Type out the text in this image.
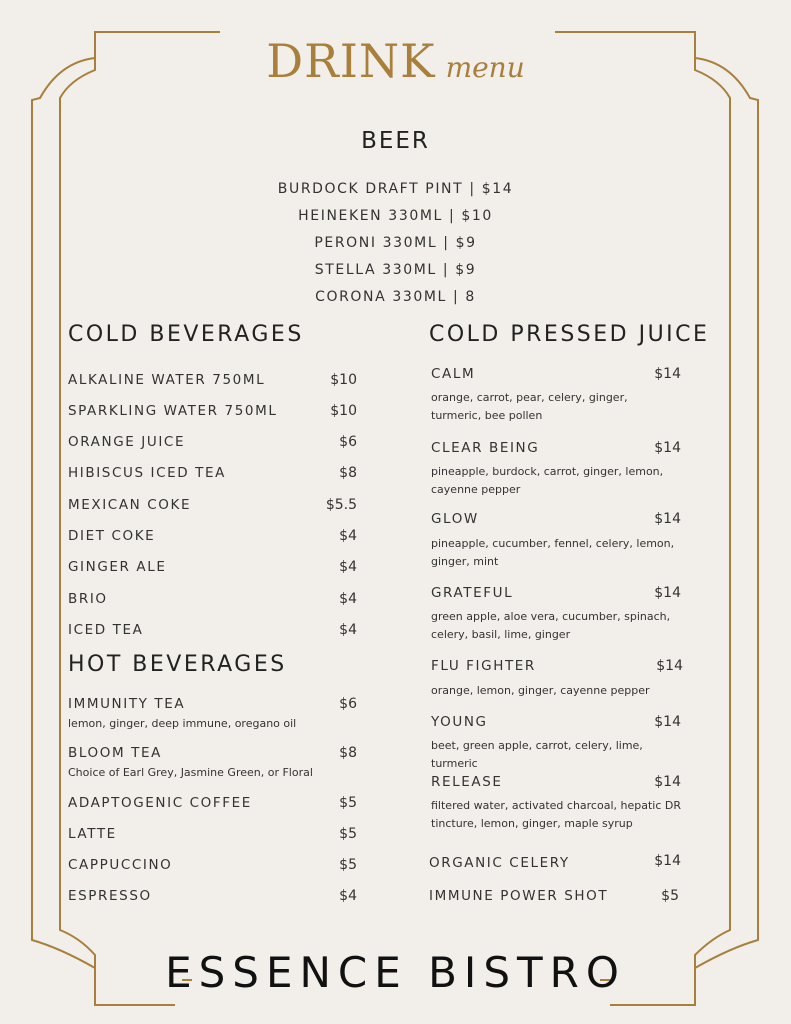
DRINK menu
BEER
BURDOCK DRAFT PINT | $14
HEINEKEN 330ML | $10
PERONI 330ML | $9
STELLA 330ML | $9
CORONA 330ML | 8
COLD BEVERAGES
ALKALINE WATER 750ML	$10
SPARKLING WATER 750ML	$10
ORANGE JUICE	$6
HIBISCUS ICED TEA	$8
MEXICAN COKE	$5.5
DIET COKE	$4
GINGER ALE	$4
BRIO	$4
ICED TEA	$4
HOT BEVERAGES
IMMUNITY TEA	$6
lemon, ginger, deep immune, oregano oil
BLOOM TEA	$8
Choice of Earl Grey, Jasmine Green, or Floral
ADAPTOGENIC COFFEE	$5
LATTE	$5
CAPPUCCINO	$5
ESPRESSO	$4
COLD PRESSED JUICE
CALM	$14
orange, carrot, pear, celery, ginger, turmeric, bee pollen
CLEAR BEING	$14
pineapple, burdock, carrot, ginger, lemon, cayenne pepper
GLOW	$14
pineapple, cucumber, fennel, celery, lemon, ginger, mint
GRATEFUL	$14
green apple, aloe vera, cucumber, spinach, celery, basil, lime, ginger
FLU FIGHTER	$14
orange, lemon, ginger, cayenne pepper
YOUNG	$14
beet, green apple, carrot, celery, lime, turmeric
RELEASE	$14
filtered water, activated charcoal, hepatic DR tincture, lemon, ginger, maple syrup
ORGANIC CELERY	$14
IMMUNE POWER SHOT	$5
ESSENCE BISTRO
